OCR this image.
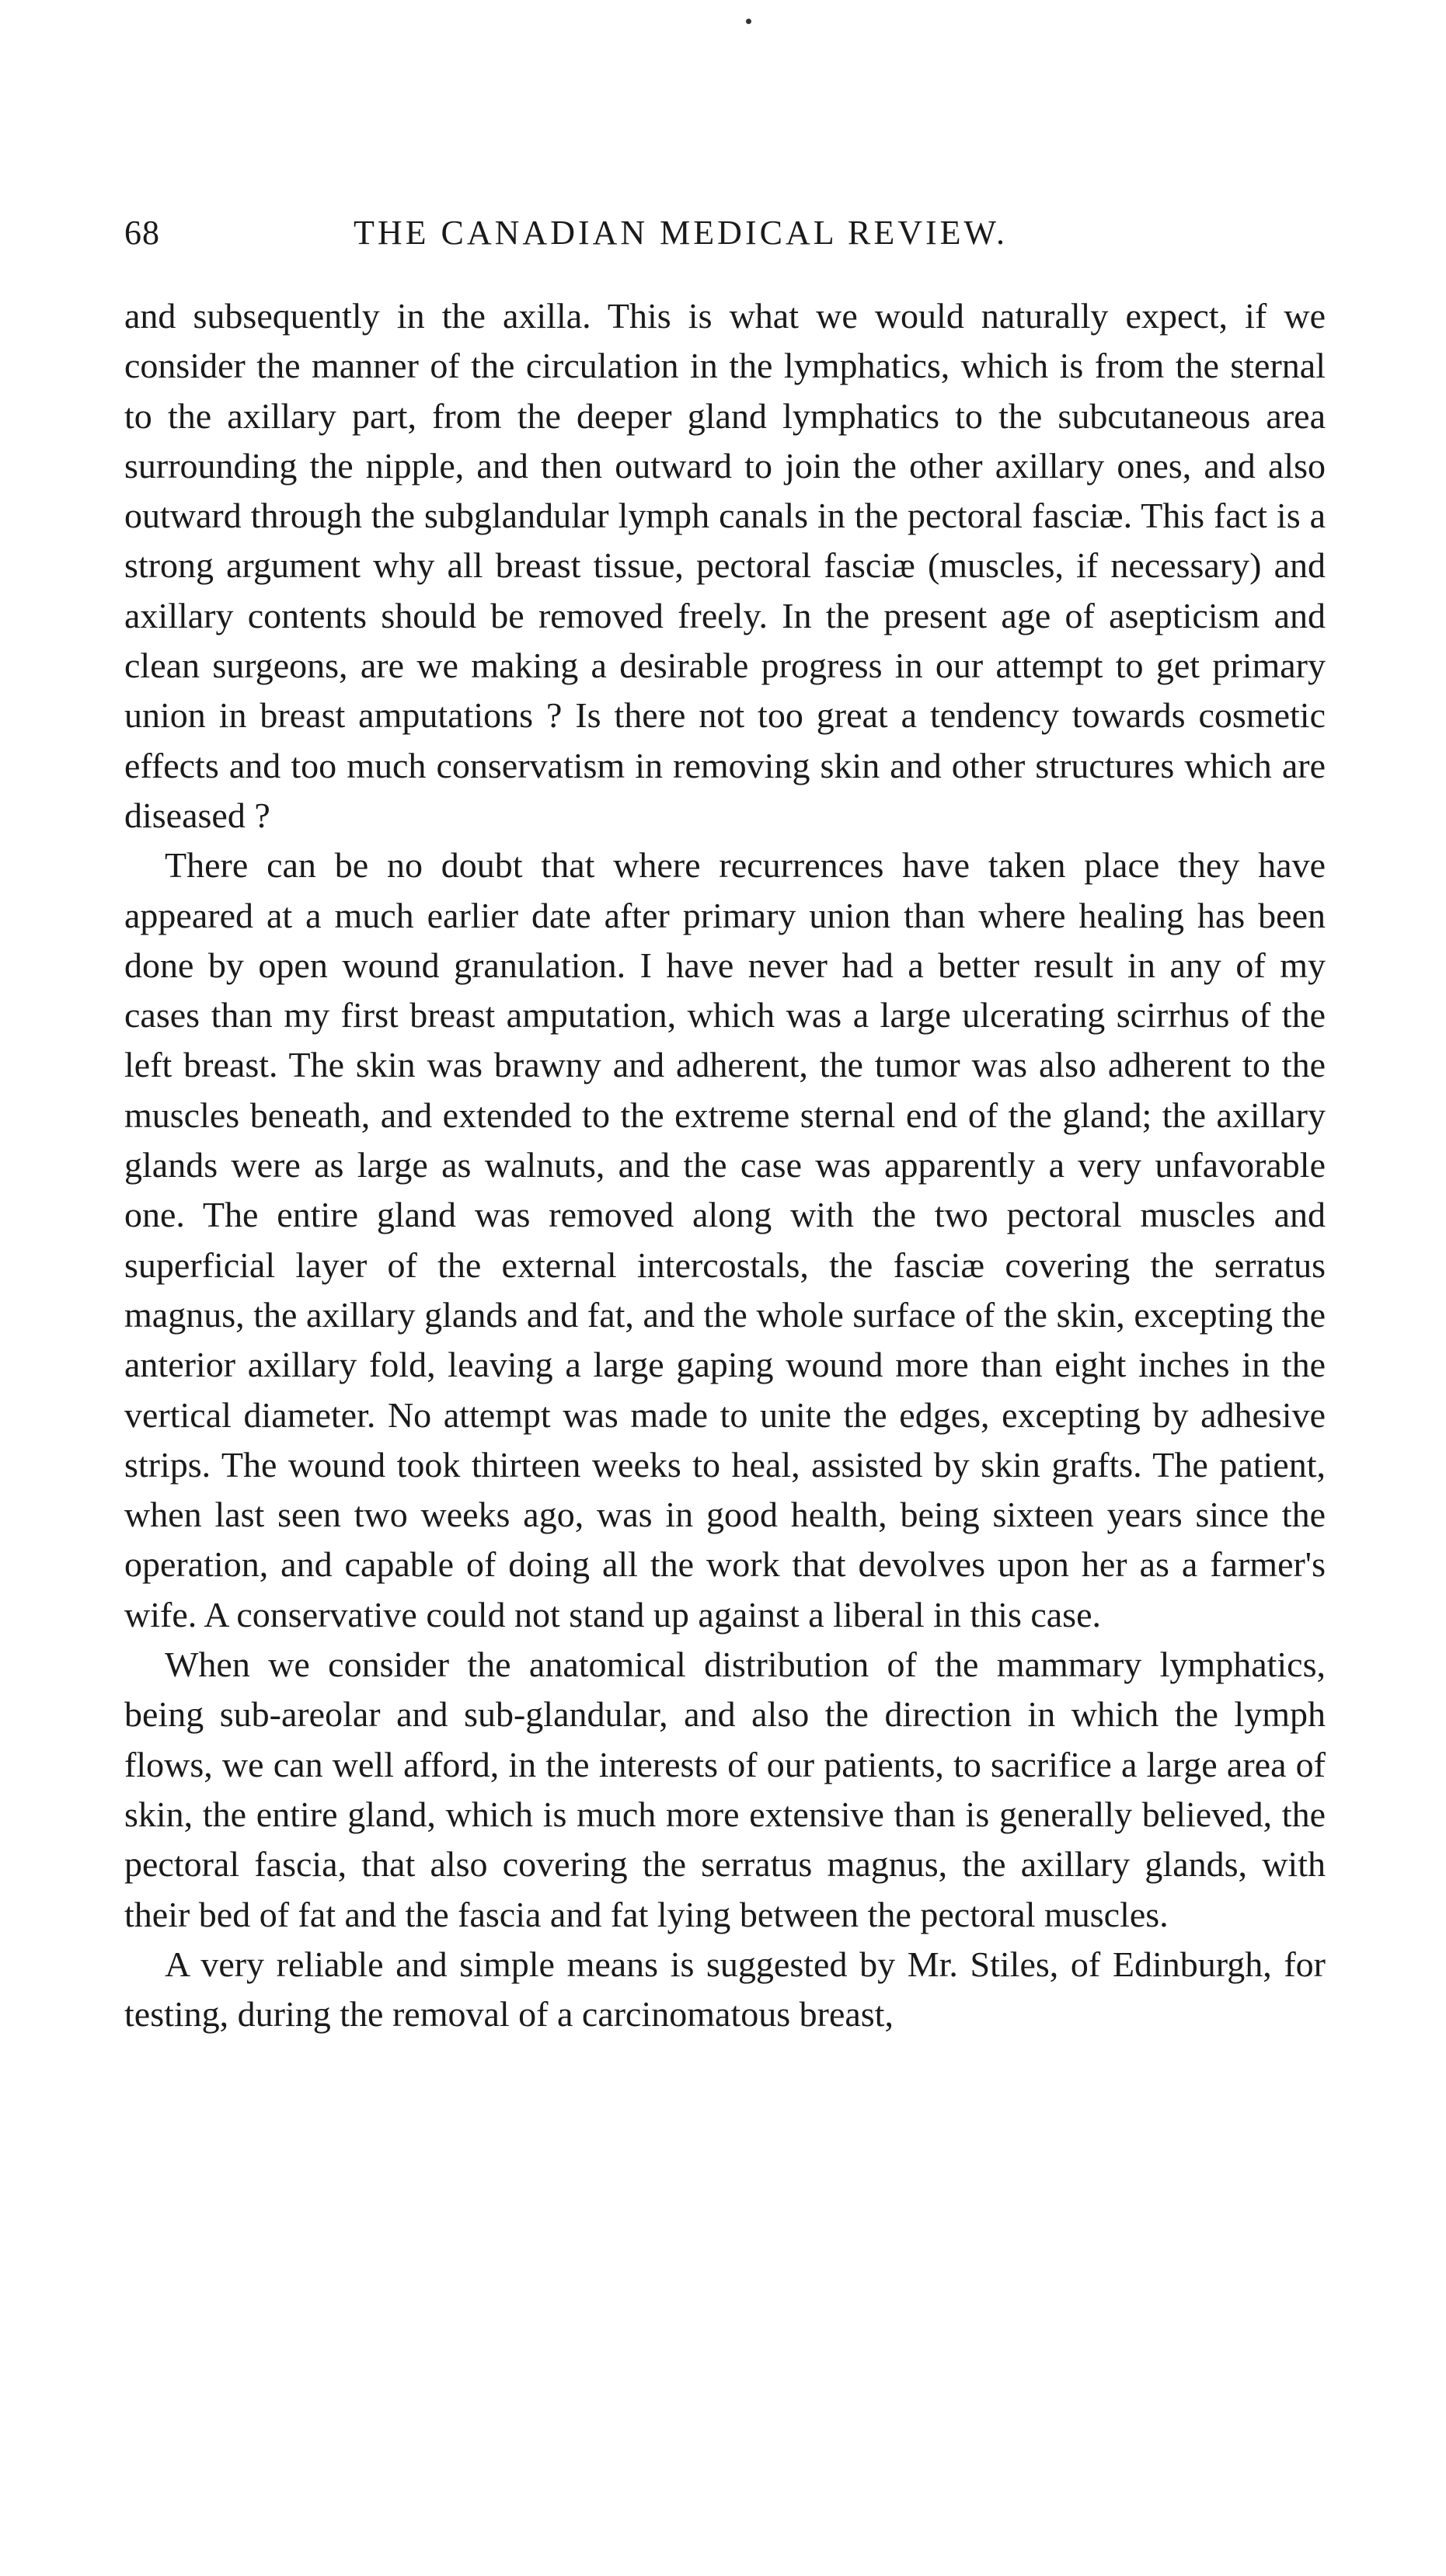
68	THE CANADIAN MEDICAL REVIEW.

and subsequently in the axilla. This is what we would naturally expect, if we consider the manner of the circulation in the lymphatics, which is from the sternal to the axillary part, from the deeper gland lymphatics to the subcutaneous area surrounding the nipple, and then outward to join the other axillary ones, and also outward through the subglandular lymph canals in the pectoral fasciæ. This fact is a strong argument why all breast tissue, pectoral fasciæ (muscles, if necessary) and axillary contents should be removed freely. In the present age of asepticism and clean surgeons, are we making a desirable progress in our attempt to get primary union in breast amputations ? Is there not too great a tendency towards cosmetic effects and too much conservatism in removing skin and other structures which are diseased ?

There can be no doubt that where recurrences have taken place they have appeared at a much earlier date after primary union than where healing has been done by open wound granulation. I have never had a better result in any of my cases than my first breast amputation, which was a large ulcerating scirrhus of the left breast. The skin was brawny and adherent, the tumor was also adherent to the muscles beneath, and extended to the extreme sternal end of the gland; the axillary glands were as large as walnuts, and the case was apparently a very unfavorable one. The entire gland was removed along with the two pectoral muscles and superficial layer of the external intercostals, the fasciæ covering the serratus magnus, the axillary glands and fat, and the whole surface of the skin, excepting the anterior axillary fold, leaving a large gaping wound more than eight inches in the vertical diameter. No attempt was made to unite the edges, excepting by adhesive strips. The wound took thirteen weeks to heal, assisted by skin grafts. The patient, when last seen two weeks ago, was in good health, being sixteen years since the operation, and capable of doing all the work that devolves upon her as a farmer's wife. A conservative could not stand up against a liberal in this case.

When we consider the anatomical distribution of the mammary lymphatics, being sub-areolar and sub-glandular, and also the direction in which the lymph flows, we can well afford, in the interests of our patients, to sacrifice a large area of skin, the entire gland, which is much more extensive than is generally believed, the pectoral fascia, that also covering the serratus magnus, the axillary glands, with their bed of fat and the fascia and fat lying between the pectoral muscles.

A very reliable and simple means is suggested by Mr. Stiles, of Edinburgh, for testing, during the removal of a carcinomatous breast,
